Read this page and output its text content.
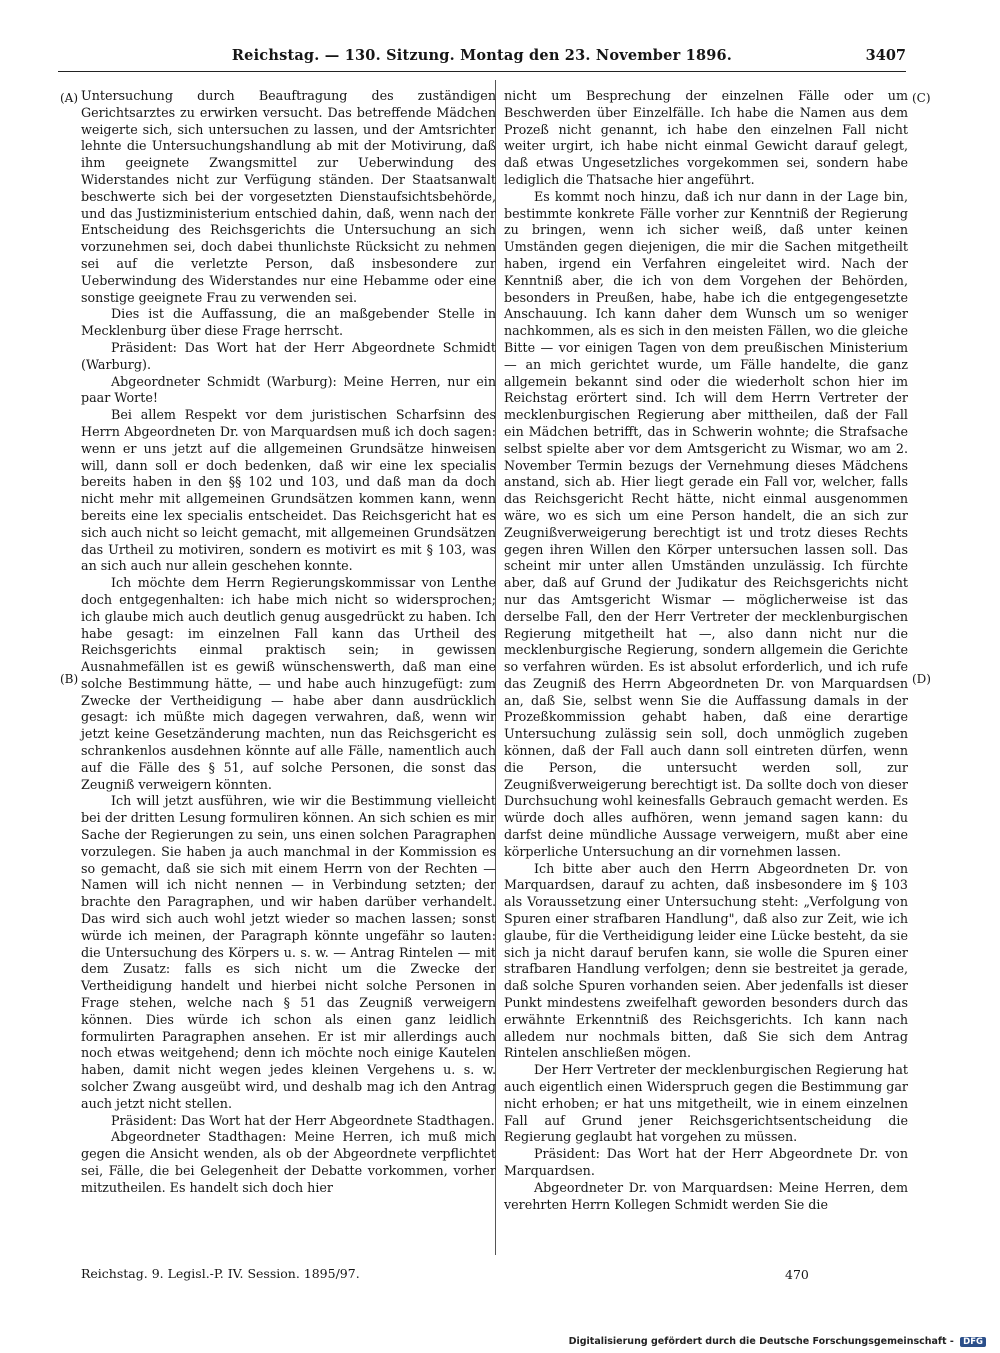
Reichstag. — 130. Sitzung. Montag den 23. November 1896.	3407
(A)
(B)
(C)
(D)

Untersuchung durch Beauftragung des zuständigen Gerichtsarztes zu erwirken versucht. Das betreffende Mädchen weigerte sich, sich untersuchen zu lassen, und der Amtsrichter lehnte die Untersuchungshandlung ab mit der Motivirung, daß ihm geeignete Zwangsmittel zur Ueberwindung des Widerstandes nicht zur Verfügung ständen. Der Staatsanwalt beschwerte sich bei der vorgesetzten Dienstaufsichtsbehörde, und das Justizministerium entschied dahin, daß, wenn nach der Entscheidung des Reichsgerichts die Untersuchung an sich vorzunehmen sei, doch dabei thunlichste Rücksicht zu nehmen sei auf die verletzte Person, daß insbesondere zur Ueberwindung des Widerstandes nur eine Hebamme oder eine sonstige geeignete Frau zu verwenden sei.

Dies ist die Auffassung, die an maßgebender Stelle in Mecklenburg über diese Frage herrscht.

Präsident: Das Wort hat der Herr Abgeordnete Schmidt (Warburg).

Abgeordneter Schmidt (Warburg): Meine Herren, nur ein paar Worte!

Bei allem Respekt vor dem juristischen Scharfsinn des Herrn Abgeordneten Dr. von Marquardsen muß ich doch sagen: wenn er uns jetzt auf die allgemeinen Grundsätze hinweisen will, dann soll er doch bedenken, daß wir eine lex specialis bereits haben in den §§ 102 und 103, und daß man da doch nicht mehr mit allgemeinen Grundsätzen kommen kann, wenn bereits eine lex specialis entscheidet. Das Reichsgericht hat es sich auch nicht so leicht gemacht, mit allgemeinen Grundsätzen das Urtheil zu motiviren, sondern es motivirt es mit § 103, was an sich auch nur allein geschehen konnte.

Ich möchte dem Herrn Regierungskommissar von Lenthe doch entgegenhalten: ich habe mich nicht so widersprochen; ich glaube mich auch deutlich genug ausgedrückt zu haben. Ich habe gesagt: im einzelnen Fall kann das Urtheil des Reichsgerichts einmal praktisch sein; in gewissen Ausnahmefällen ist es gewiß wünschenswerth, daß man eine solche Bestimmung hätte, — und habe auch hinzugefügt: zum Zwecke der Vertheidigung — habe aber dann ausdrücklich gesagt: ich müßte mich dagegen verwahren, daß, wenn wir jetzt keine Gesetzänderung machten, nun das Reichsgericht es schrankenlos ausdehnen könnte auf alle Fälle, namentlich auch auf die Fälle des § 51, auf solche Personen, die sonst das Zeugniß verweigern könnten.

Ich will jetzt ausführen, wie wir die Bestimmung vielleicht bei der dritten Lesung formuliren können. An sich schien es mir Sache der Regierungen zu sein, uns einen solchen Paragraphen vorzulegen. Sie haben ja auch manchmal in der Kommission es so gemacht, daß sie sich mit einem Herrn von der Rechten — Namen will ich nicht nennen — in Verbindung setzten; der brachte den Paragraphen, und wir haben darüber verhandelt. Das wird sich auch wohl jetzt wieder so machen lassen; sonst würde ich meinen, der Paragraph könnte ungefähr so lauten: die Untersuchung des Körpers u. s. w. — Antrag Rintelen — mit dem Zusatz: falls es sich nicht um die Zwecke der Vertheidigung handelt und hierbei nicht solche Personen in Frage stehen, welche nach § 51 das Zeugniß verweigern können. Dies würde ich schon als einen ganz leidlich formulirten Paragraphen ansehen. Er ist mir allerdings auch noch etwas weitgehend; denn ich möchte noch einige Kautelen haben, damit nicht wegen jedes kleinen Vergehens u. s. w. solcher Zwang ausgeübt wird, und deshalb mag ich den Antrag auch jetzt nicht stellen.

Präsident: Das Wort hat der Herr Abgeordnete Stadthagen.

Abgeordneter Stadthagen: Meine Herren, ich muß mich gegen die Ansicht wenden, als ob der Abgeordnete verpflichtet sei, Fälle, die bei Gelegenheit der Debatte vorkommen, vorher mitzutheilen. Es handelt sich doch hier

nicht um Besprechung der einzelnen Fälle oder um Beschwerden über Einzelfälle. Ich habe die Namen aus dem Prozeß nicht genannt, ich habe den einzelnen Fall nicht weiter urgirt, ich habe nicht einmal Gewicht darauf gelegt, daß etwas Ungesetzliches vorgekommen sei, sondern habe lediglich die Thatsache hier angeführt.

Es kommt noch hinzu, daß ich nur dann in der Lage bin, bestimmte konkrete Fälle vorher zur Kenntniß der Regierung zu bringen, wenn ich sicher weiß, daß unter keinen Umständen gegen diejenigen, die mir die Sachen mitgetheilt haben, irgend ein Verfahren eingeleitet wird. Nach der Kenntniß aber, die ich von dem Vorgehen der Behörden, besonders in Preußen, habe, habe ich die entgegengesetzte Anschauung. Ich kann daher dem Wunsch um so weniger nachkommen, als es sich in den meisten Fällen, wo die gleiche Bitte — vor einigen Tagen von dem preußischen Ministerium — an mich gerichtet wurde, um Fälle handelte, die ganz allgemein bekannt sind oder die wiederholt schon hier im Reichstag erörtert sind. Ich will dem Herrn Vertreter der mecklenburgischen Regierung aber mittheilen, daß der Fall ein Mädchen betrifft, das in Schwerin wohnte; die Strafsache selbst spielte aber vor dem Amtsgericht zu Wismar, wo am 2. November Termin bezugs der Vernehmung dieses Mädchens anstand, sich ab. Hier liegt gerade ein Fall vor, welcher, falls das Reichsgericht Recht hätte, nicht einmal ausgenommen wäre, wo es sich um eine Person handelt, die an sich zur Zeugnißverweigerung berechtigt ist und trotz dieses Rechts gegen ihren Willen den Körper untersuchen lassen soll. Das scheint mir unter allen Umständen unzulässig. Ich fürchte aber, daß auf Grund der Judikatur des Reichsgerichts nicht nur das Amtsgericht Wismar — möglicherweise ist das derselbe Fall, den der Herr Vertreter der mecklenburgischen Regierung mitgetheilt hat —, also dann nicht nur die mecklenburgische Regierung, sondern allgemein die Gerichte so verfahren würden. Es ist absolut erforderlich, und ich rufe das Zeugniß des Herrn Abgeordneten Dr. von Marquardsen an, daß Sie, selbst wenn Sie die Auffassung damals in der Prozeßkommission gehabt haben, daß eine derartige Untersuchung zulässig sein soll, doch unmöglich zugeben können, daß der Fall auch dann soll eintreten dürfen, wenn die Person, die untersucht werden soll, zur Zeugnißverweigerung berechtigt ist. Da sollte doch von dieser Durchsuchung wohl keinesfalls Gebrauch gemacht werden. Es würde doch alles aufhören, wenn jemand sagen kann: du darfst deine mündliche Aussage verweigern, mußt aber eine körperliche Untersuchung an dir vornehmen lassen.

Ich bitte aber auch den Herrn Abgeordneten Dr. von Marquardsen, darauf zu achten, daß insbesondere im § 103 als Voraussetzung einer Untersuchung steht: „Verfolgung von Spuren einer strafbaren Handlung", daß also zur Zeit, wie ich glaube, für die Vertheidigung leider eine Lücke besteht, da sie sich ja nicht darauf berufen kann, sie wolle die Spuren einer strafbaren Handlung verfolgen; denn sie bestreitet ja gerade, daß solche Spuren vorhanden seien. Aber jedenfalls ist dieser Punkt mindestens zweifelhaft geworden besonders durch das erwähnte Erkenntniß des Reichsgerichts. Ich kann nach alledem nur nochmals bitten, daß Sie sich dem Antrag Rintelen anschließen mögen.

Der Herr Vertreter der mecklenburgischen Regierung hat auch eigentlich einen Widerspruch gegen die Bestimmung gar nicht erhoben; er hat uns mitgetheilt, wie in einem einzelnen Fall auf Grund jener Reichsgerichtsentscheidung die Regierung geglaubt hat vorgehen zu müssen.

Präsident: Das Wort hat der Herr Abgeordnete Dr. von Marquardsen.

Abgeordneter Dr. von Marquardsen: Meine Herren, dem verehrten Herrn Kollegen Schmidt werden Sie die

Reichstag. 9. Legisl.-P. IV. Session. 1895/97.	470
Digitalisierung gefördert durch die Deutsche Forschungsgemeinschaft - DFG
